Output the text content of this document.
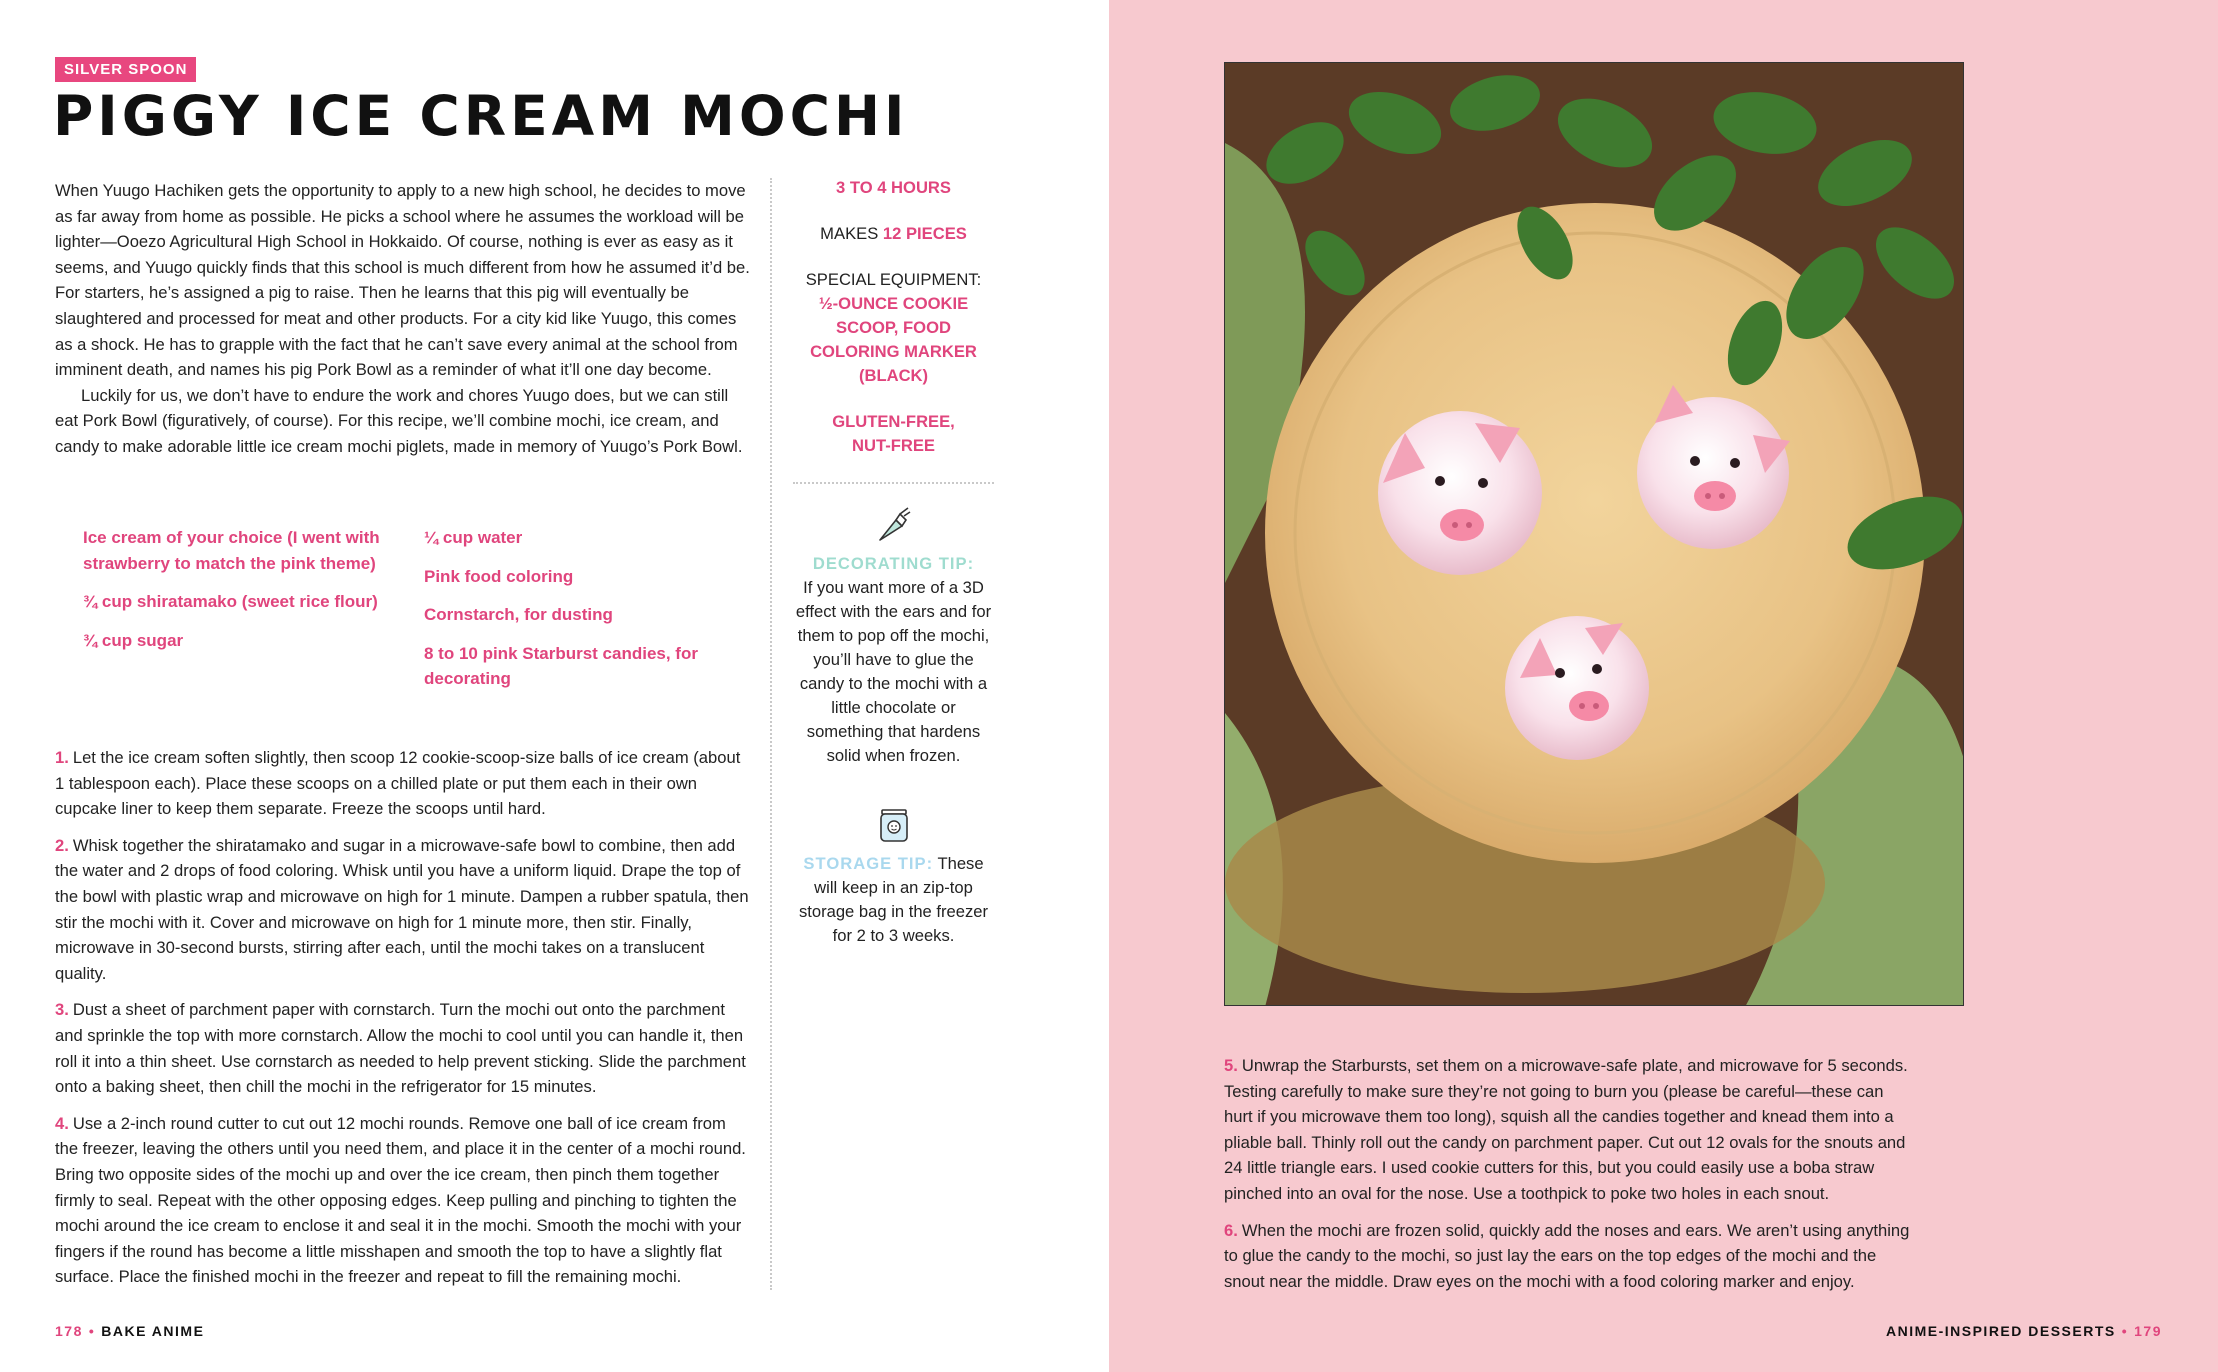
SILVER SPOON
PIGGY ICE CREAM MOCHI

When Yuugo Hachiken gets the opportunity to apply to a new high school, he decides to move as far away from home as possible. He picks a school where he assumes the workload will be lighter—Ooezo Agricultural High School in Hokkaido. Of course, nothing is ever as easy as it seems, and Yuugo quickly finds that this school is much different from how he assumed it’d be. For starters, he’s assigned a pig to raise. Then he learns that this pig will eventually be slaughtered and processed for meat and other products. For a city kid like Yuugo, this comes as a shock. He has to grapple with the fact that he can’t save every animal at the school from imminent death, and names his pig Pork Bowl as a reminder of what it’ll one day become.

Luckily for us, we don’t have to endure the work and chores Yuugo does, but we can still eat Pork Bowl (figuratively, of course). For this recipe, we’ll combine mochi, ice cream, and candy to make adorable little ice cream mochi piglets, made in memory of Yuugo’s Pork Bowl.

Ice cream of your choice (I went with strawberry to match the pink theme)
¾ cup shiratamako (sweet rice flour)
¾ cup sugar
¼ cup water
Pink food coloring
Cornstarch, for dusting
8 to 10 pink Starburst candies, for decorating

1. Let the ice cream soften slightly, then scoop 12 cookie-scoop-size balls of ice cream (about 1 tablespoon each). Place these scoops on a chilled plate or put them each in their own cupcake liner to keep them separate. Freeze the scoops until hard.

2. Whisk together the shiratamako and sugar in a microwave-safe bowl to combine, then add the water and 2 drops of food coloring. Whisk until you have a uniform liquid. Drape the top of the bowl with plastic wrap and microwave on high for 1 minute. Dampen a rubber spatula, then stir the mochi with it. Cover and microwave on high for 1 minute more, then stir. Finally, microwave in 30-second bursts, stirring after each, until the mochi takes on a translucent quality.

3. Dust a sheet of parchment paper with cornstarch. Turn the mochi out onto the parchment and sprinkle the top with more cornstarch. Allow the mochi to cool until you can handle it, then roll it into a thin sheet. Use cornstarch as needed to help prevent sticking. Slide the parchment onto a baking sheet, then chill the mochi in the refrigerator for 15 minutes.

4. Use a 2-inch round cutter to cut out 12 mochi rounds. Remove one ball of ice cream from the freezer, leaving the others until you need them, and place it in the center of a mochi round. Bring two opposite sides of the mochi up and over the ice cream, then pinch them together firmly to seal. Repeat with the other opposing edges. Keep pulling and pinching to tighten the mochi around the ice cream to enclose it and seal it in the mochi. Smooth the mochi with your fingers if the round has become a little misshapen and smooth the top to have a slightly flat surface. Place the finished mochi in the freezer and repeat to fill the remaining mochi.

3 TO 4 HOURS
MAKES 12 PIECES
SPECIAL EQUIPMENT:
½-OUNCE COOKIE SCOOP, FOOD COLORING MARKER (BLACK)
GLUTEN-FREE, NUT-FREE
DECORATING TIP:
If you want more of a 3D effect with the ears and for them to pop off the mochi, you’ll have to glue the candy to the mochi with a little chocolate or something that hardens solid when frozen.
STORAGE TIP: These will keep in an zip-top storage bag in the freezer for 2 to 3 weeks.
178 • BAKE ANIME

5. Unwrap the Starbursts, set them on a microwave-safe plate, and microwave for 5 seconds. Testing carefully to make sure they’re not going to burn you (please be careful—these can hurt if you microwave them too long), squish all the candies together and knead them into a pliable ball. Thinly roll out the candy on parchment paper. Cut out 12 ovals for the snouts and 24 little triangle ears. I used cookie cutters for this, but you could easily use a boba straw pinched into an oval for the nose. Use a toothpick to poke two holes in each snout.

6. When the mochi are frozen solid, quickly add the noses and ears. We aren’t using anything to glue the candy to the mochi, so just lay the ears on the top edges of the mochi and the snout near the middle. Draw eyes on the mochi with a food coloring marker and enjoy.

ANIME-INSPIRED DESSERTS • 179
